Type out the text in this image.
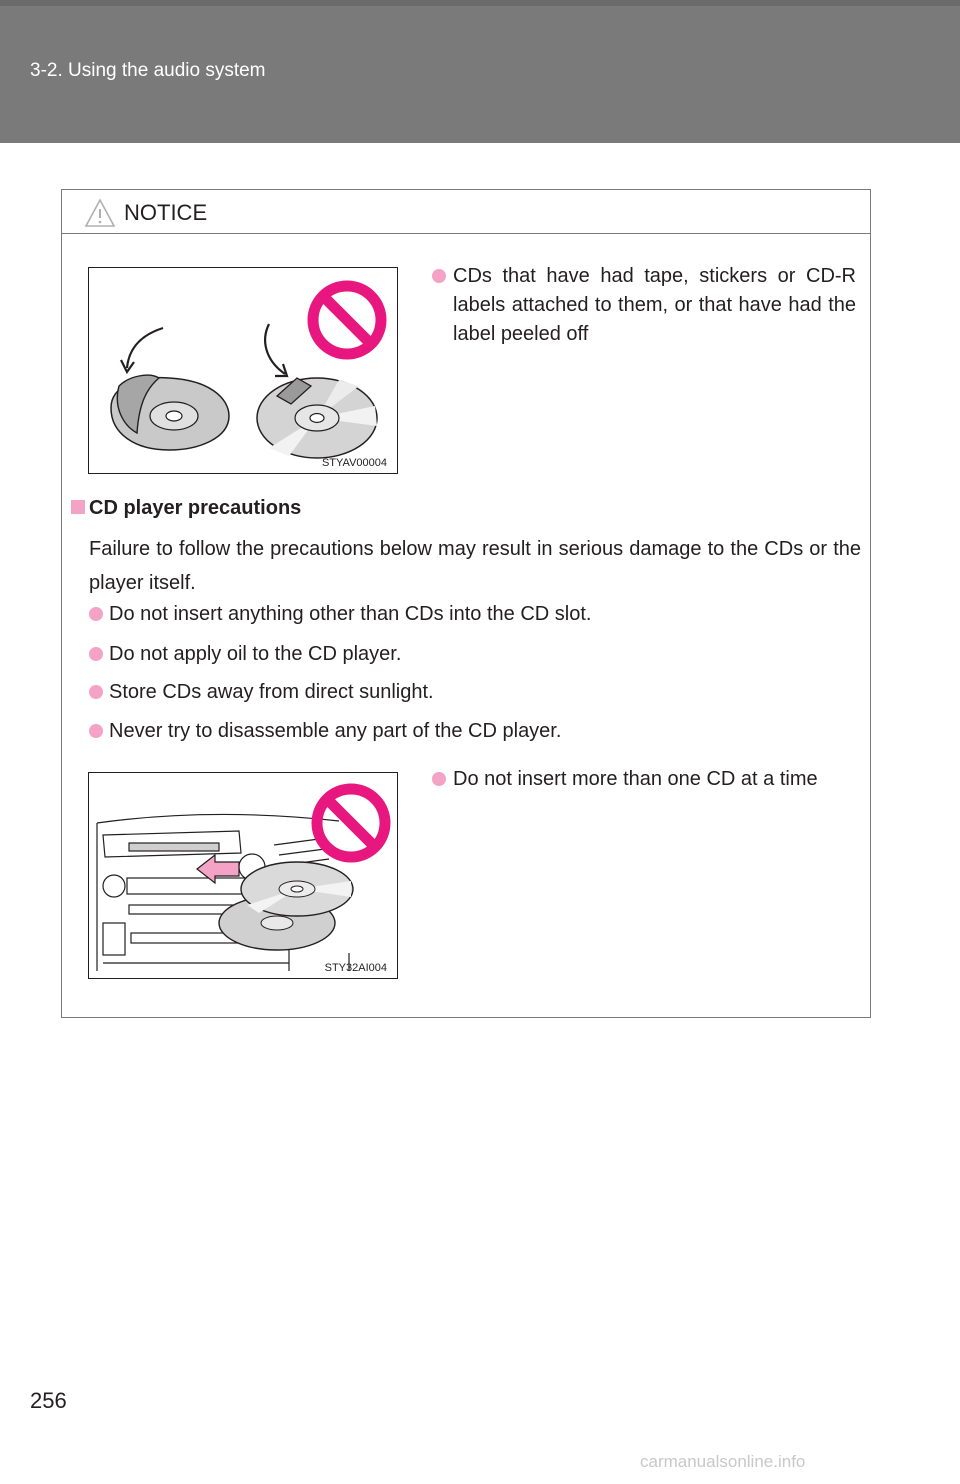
3-2. Using the audio system
NOTICE
STYAV00004
CDs that have had tape, stickers or CD-R labels attached to them, or that have had the label peeled off
CD player precautions
Failure to follow the precautions below may result in serious damage to the CDs or the player itself.
Do not insert anything other than CDs into the CD slot.
Do not apply oil to the CD player.
Store CDs away from direct sunlight.
Never try to disassemble any part of the CD player.
STY32AI004
Do not insert more than one CD at a time
256
carmanualsonline.info
